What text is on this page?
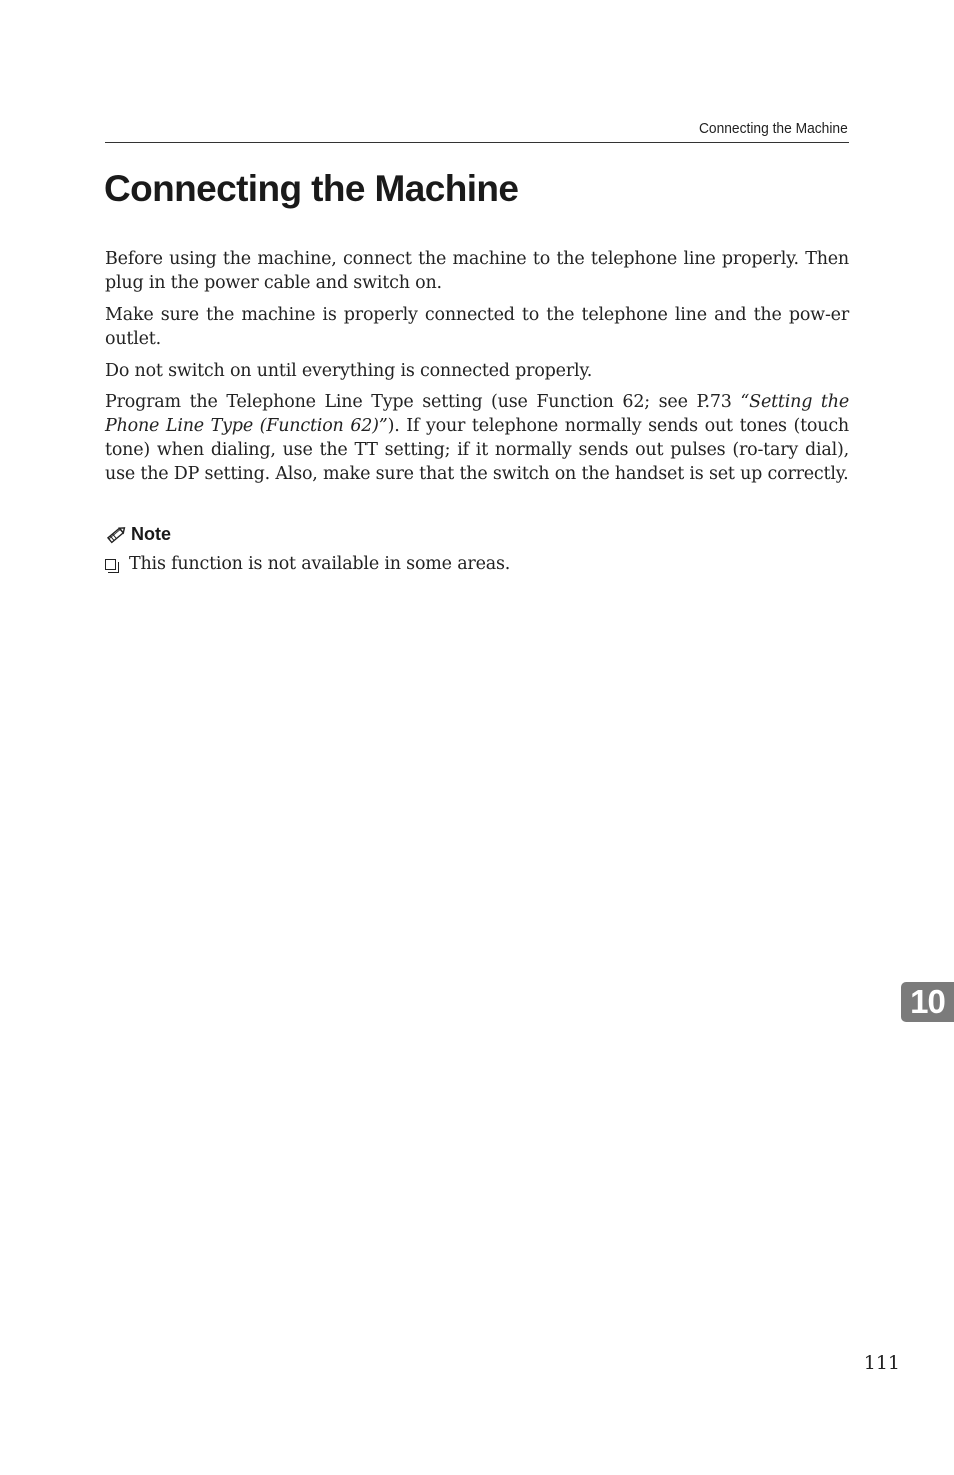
Connecting the Machine
Connecting the Machine

Before using the machine, connect the machine to the telephone line properly. Then plug in the power cable and switch on.

Make sure the machine is properly connected to the telephone line and the pow-er outlet.

Do not switch on until everything is connected properly.

Program the Telephone Line Type setting (use Function 62; see P.73 “Setting the Phone Line Type (Function 62)”). If your telephone normally sends out tones (touch tone) when dialing, use the TT setting; if it normally sends out pulses (ro-tary dial), use the DP setting. Also, make sure that the switch on the handset is set up correctly.

Note
This function is not available in some areas.
10
111
